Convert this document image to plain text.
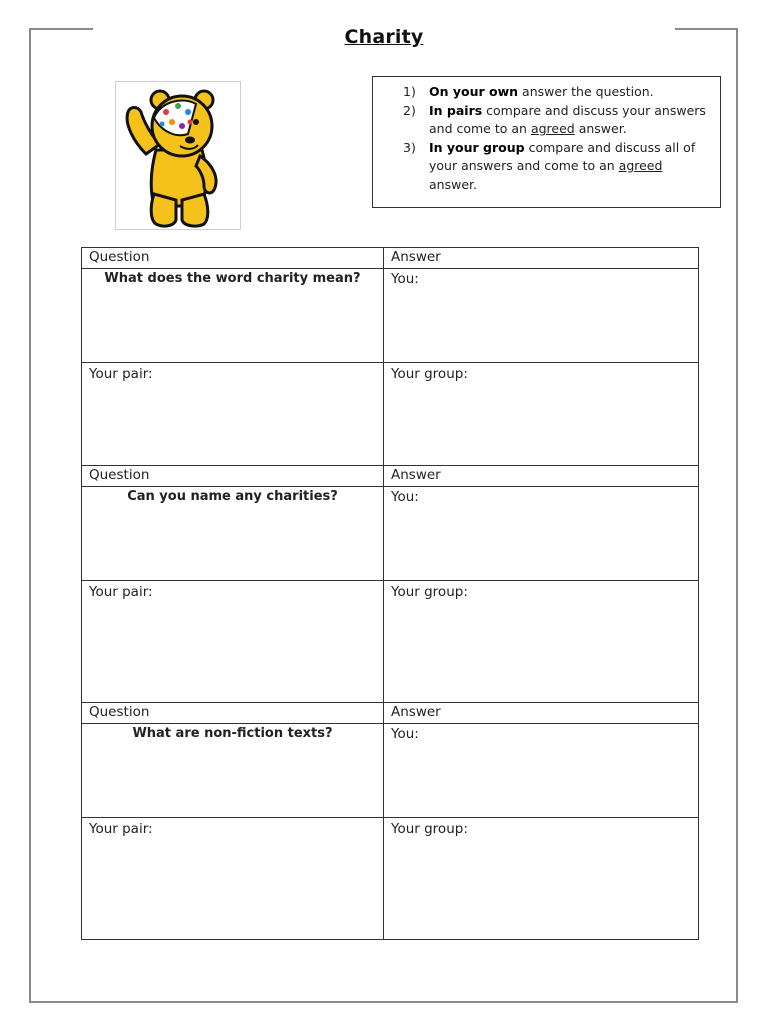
Charity
1) On your own answer the question.
2) In pairs compare and discuss your answers and come to an agreed answer.
3) In your group compare and discuss all of your answers and come to an agreed answer.
Question	Answer
What does the word charity mean?	You:
Your pair:	Your group:
Question	Answer
Can you name any charities?	You:
Your pair:	Your group:
Question	Answer
What are non-fiction texts?	You:
Your pair:	Your group:
